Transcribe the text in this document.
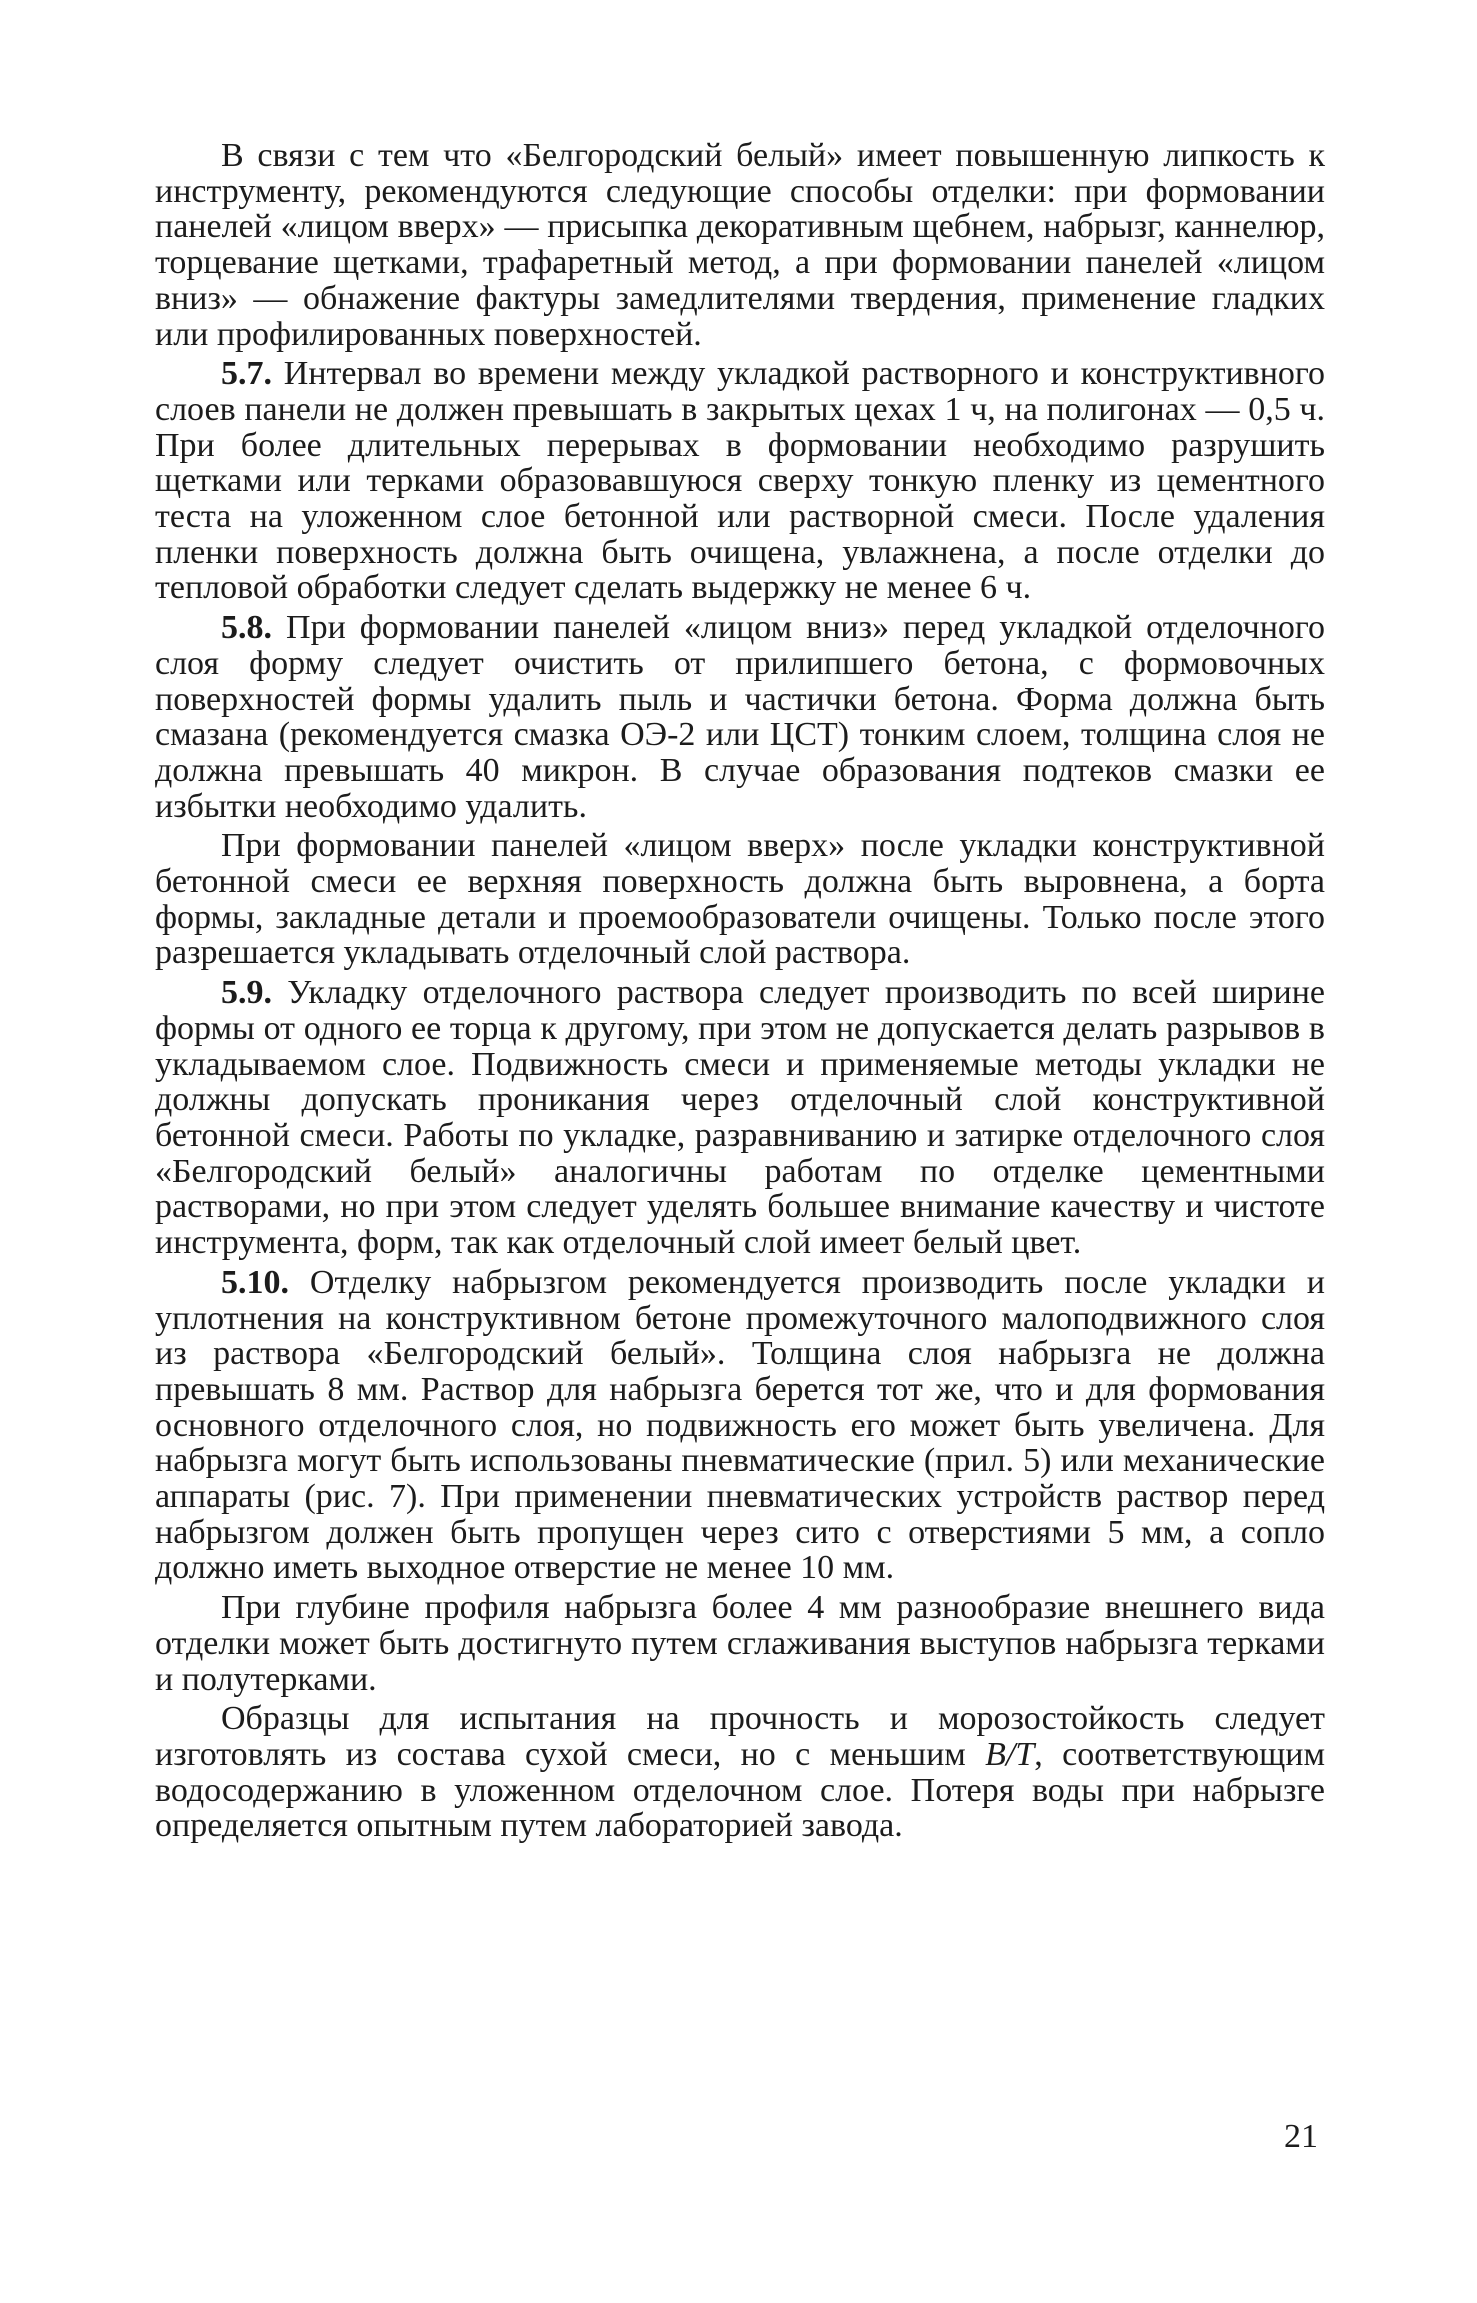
В связи с тем что «Белгородский белый» имеет повышенную липкость к инструменту, рекомендуются следующие способы отделки: при формовании панелей «лицом вверх» — присыпка декоративным щебнем, набрызг, каннелюр, торцевание щетками, трафаретный метод, а при формовании панелей «лицом вниз» — обнажение фактуры замедлителями твердения, применение гладких или профилированных поверхностей.

5.7. Интервал во времени между укладкой растворного и конструктивного слоев панели не должен превышать в закрытых цехах 1 ч, на полигонах — 0,5 ч. При более длительных перерывах в формовании необходимо разрушить щетками или терками образовавшуюся сверху тонкую пленку из цементного теста на уложенном слое бетонной или растворной смеси. После удаления пленки поверхность должна быть очищена, увлажнена, а после отделки до тепловой обработки следует сделать выдержку не менее 6 ч.

5.8. При формовании панелей «лицом вниз» перед укладкой отделочного слоя форму следует очистить от прилипшего бетона, с формовочных поверхностей формы удалить пыль и частички бетона. Форма должна быть смазана (рекомендуется смазка ОЭ-2 или ЦСТ) тонким слоем, толщина слоя не должна превышать 40 микрон. В случае образования подтеков смазки ее избытки необходимо удалить.

При формовании панелей «лицом вверх» после укладки конструктивной бетонной смеси ее верхняя поверхность должна быть выровнена, а борта формы, закладные детали и проемообразователи очищены. Только после этого разрешается укладывать отделочный слой раствора.

5.9. Укладку отделочного раствора следует производить по всей ширине формы от одного ее торца к другому, при этом не допускается делать разрывов в укладываемом слое. Подвижность смеси и применяемые методы укладки не должны допускать проникания через отделочный слой конструктивной бетонной смеси. Работы по укладке, разравниванию и затирке отделочного слоя «Белгородский белый» аналогичны работам по отделке цементными растворами, но при этом следует уделять большее внимание качеству и чистоте инструмента, форм, так как отделочный слой имеет белый цвет.

5.10. Отделку набрызгом рекомендуется производить после укладки и уплотнения на конструктивном бетоне промежуточного малоподвижного слоя из раствора «Белгородский белый». Толщина слоя набрызга не должна превышать 8 мм. Раствор для набрызга берется тот же, что и для формования основного отделочного слоя, но подвижность его может быть увеличена. Для набрызга могут быть использованы пневматические (прил. 5) или механические аппараты (рис. 7). При применении пневматических устройств раствор перед набрызгом должен быть пропущен через сито с отверстиями 5 мм, а сопло должно иметь выходное отверстие не менее 10 мм.

При глубине профиля набрызга более 4 мм разнообразие внешнего вида отделки может быть достигнуто путем сглаживания выступов набрызга терками и полутерками.

Образцы для испытания на прочность и морозостойкость следует изготовлять из состава сухой смеси, но с меньшим В/Т, соответствующим водосодержанию в уложенном отделочном слое. Потеря воды при набрызге определяется опытным путем лабораторией завода.

21
